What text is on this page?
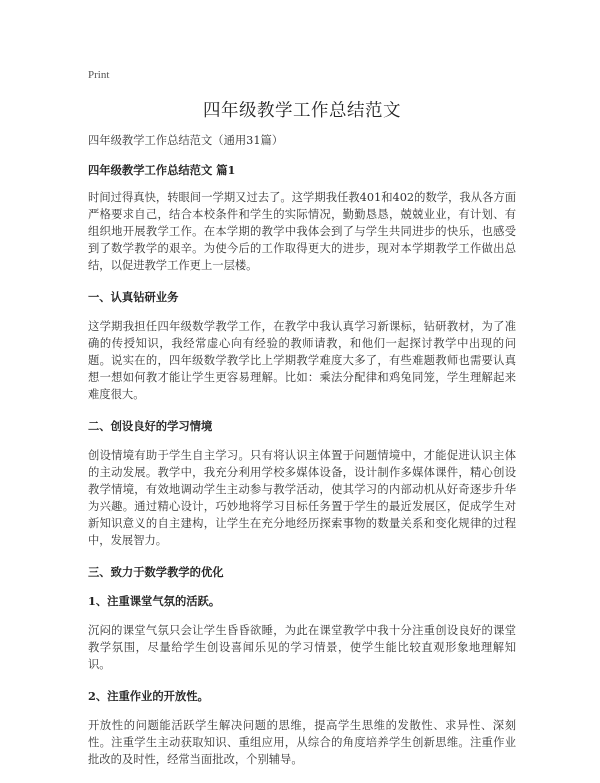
Print
四年级教学工作总结范文

四年级教学工作总结范文（通用31篇）

四年级教学工作总结范文 篇1

时间过得真快，转眼间一学期又过去了。这学期我任教401和402的数学，我从各方面严格要求自己，结合本校条件和学生的实际情况，勤勤恳恳，兢兢业业，有计划、有组织地开展教学工作。在本学期的教学中我体会到了与学生共同进步的快乐，也感受到了数学教学的艰辛。为使今后的工作取得更大的进步，现对本学期教学工作做出总结，以促进教学工作更上一层楼。

一、认真钻研业务

这学期我担任四年级数学教学工作，在教学中我认真学习新课标，钻研教材，为了准确的传授知识，我经常虚心向有经验的教师请教，和他们一起探讨教学中出现的问题。说实在的，四年级数学教学比上学期教学难度大多了，有些难题教师也需要认真想一想如何教才能让学生更容易理解。比如：乘法分配律和鸡兔同笼，学生理解起来难度很大。

二、创设良好的学习情境

创设情境有助于学生自主学习。只有将认识主体置于问题情境中，才能促进认识主体的主动发展。教学中，我充分利用学校多媒体设备，设计制作多媒体课件，精心创设教学情境，有效地调动学生主动参与教学活动，使其学习的内部动机从好奇逐步升华为兴趣。通过精心设计，巧妙地将学习目标任务置于学生的最近发展区，促成学生对新知识意义的自主建构，让学生在充分地经历探索事物的数量关系和变化规律的过程中，发展智力。

三、致力于数学教学的优化

1、注重课堂气氛的活跃。

沉闷的课堂气氛只会让学生昏昏欲睡，为此在课堂教学中我十分注重创设良好的课堂教学氛围，尽量给学生创设喜闻乐见的学习情景，使学生能比较直观形象地理解知识。

2、注重作业的开放性。

开放性的问题能活跃学生解决问题的思维，提高学生思维的发散性、求异性、深刻性。注重学生主动获取知识、重组应用，从综合的角度培养学生创新思维。注重作业批改的及时性，经常当面批改，个别辅导。
